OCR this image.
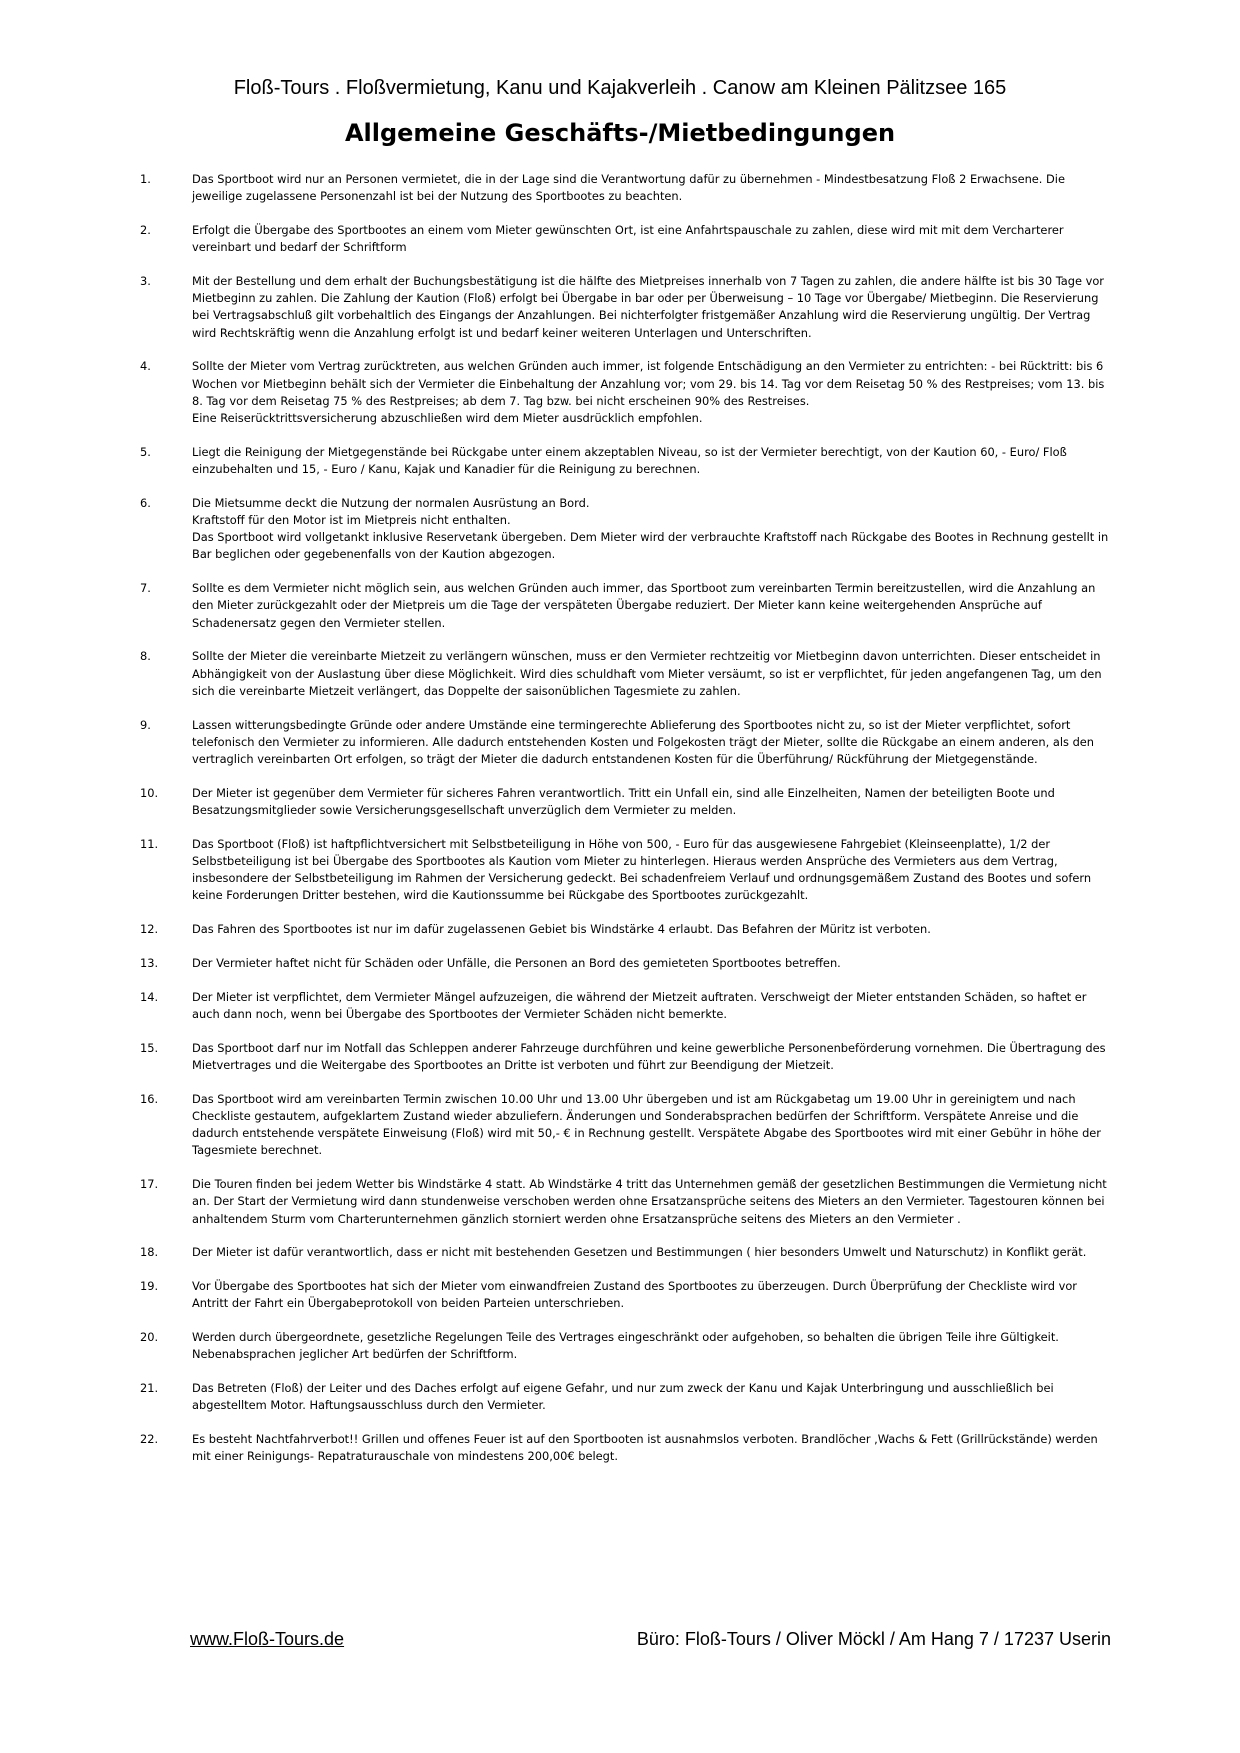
Floß-Tours . Floßvermietung, Kanu und Kajakverleih . Canow am Kleinen Pälitzsee 165
Allgemeine Geschäfts-/Mietbedingungen
1.	Das Sportboot wird nur an Personen vermietet, die in der Lage sind die Verantwortung dafür zu übernehmen - Mindestbesatzung Floß 2 Erwachsene. Die jeweilige zugelassene Personenzahl ist bei der Nutzung des Sportbootes zu beachten.
2.	Erfolgt die Übergabe des Sportbootes an einem vom Mieter gewünschten Ort, ist eine Anfahrtspauschale zu zahlen, diese wird mit mit dem Vercharterer vereinbart und bedarf der Schriftform
3.	Mit der Bestellung und dem erhalt der Buchungsbestätigung ist die hälfte des Mietpreises innerhalb von 7 Tagen zu zahlen, die andere hälfte ist bis 30 Tage vor Mietbeginn zu zahlen. Die Zahlung der Kaution (Floß) erfolgt bei Übergabe in bar oder per Überweisung – 10 Tage vor Übergabe/ Mietbeginn. Die Reservierung bei Vertragsabschluß gilt vorbehaltlich des Eingangs der Anzahlungen. Bei nichterfolgter fristgemäßer Anzahlung wird die Reservierung ungültig. Der Vertrag wird Rechtskräftig wenn die Anzahlung erfolgt ist und bedarf keiner weiteren Unterlagen und Unterschriften.
4.	Sollte der Mieter vom Vertrag zurücktreten, aus welchen Gründen auch immer, ist folgende Entschädigung an den Vermieter zu entrichten: - bei Rücktritt: bis 6 Wochen vor Mietbeginn behält sich der Vermieter die Einbehaltung der Anzahlung vor; vom 29. bis 14. Tag vor dem Reisetag 50 % des Restpreises; vom 13. bis 8. Tag vor dem Reisetag 75 % des Restpreises; ab dem 7. Tag bzw. bei nicht erscheinen 90% des Restreises.
Eine Reiserücktrittsversicherung abzuschließen wird dem Mieter ausdrücklich empfohlen.
5.	Liegt die Reinigung der Mietgegenstände bei Rückgabe unter einem akzeptablen Niveau, so ist der Vermieter berechtigt, von der Kaution 60, - Euro/ Floß einzubehalten und 15, - Euro / Kanu, Kajak und Kanadier für die Reinigung zu berechnen.
6.	Die Mietsumme deckt die Nutzung der normalen Ausrüstung an Bord.
Kraftstoff für den Motor ist im Mietpreis nicht enthalten.
Das Sportboot wird vollgetankt inklusive Reservetank übergeben. Dem Mieter wird der verbrauchte Kraftstoff nach Rückgabe des Bootes in Rechnung gestellt in Bar beglichen oder gegebenenfalls von der Kaution abgezogen.
7.	Sollte es dem Vermieter nicht möglich sein, aus welchen Gründen auch immer, das Sportboot zum vereinbarten Termin bereitzustellen, wird die Anzahlung an den Mieter zurückgezahlt oder der Mietpreis um die Tage der verspäteten Übergabe reduziert. Der Mieter kann keine weitergehenden Ansprüche auf Schadenersatz gegen den Vermieter stellen.
8.	Sollte der Mieter die vereinbarte Mietzeit zu verlängern wünschen, muss er den Vermieter rechtzeitig vor Mietbeginn davon unterrichten. Dieser entscheidet in Abhängigkeit von der Auslastung über diese Möglichkeit. Wird dies schuldhaft vom Mieter versäumt, so ist er verpflichtet, für jeden angefangenen Tag, um den sich die vereinbarte Mietzeit verlängert, das Doppelte der saisonüblichen Tagesmiete zu zahlen.
9.	Lassen witterungsbedingte Gründe oder andere Umstände eine termingerechte Ablieferung des Sportbootes nicht zu, so ist der Mieter verpflichtet, sofort telefonisch den Vermieter zu informieren. Alle dadurch entstehenden Kosten und Folgekosten trägt der Mieter, sollte die Rückgabe an einem anderen, als den vertraglich vereinbarten Ort erfolgen, so trägt der Mieter die dadurch entstandenen Kosten für die Überführung/ Rückführung der Mietgegenstände.
10.	Der Mieter ist gegenüber dem Vermieter für sicheres Fahren verantwortlich. Tritt ein Unfall ein, sind alle Einzelheiten, Namen der beteiligten Boote und Besatzungsmitglieder sowie Versicherungsgesellschaft unverzüglich dem Vermieter zu melden.
11.	Das Sportboot (Floß) ist haftpflichtversichert mit Selbstbeteiligung in Höhe von 500, - Euro für das ausgewiesene Fahrgebiet (Kleinseenplatte), 1/2 der Selbstbeteiligung ist bei Übergabe des Sportbootes als Kaution vom Mieter zu hinterlegen. Hieraus werden Ansprüche des Vermieters aus dem Vertrag, insbesondere der Selbstbeteiligung im Rahmen der Versicherung gedeckt. Bei schadenfreiem Verlauf und ordnungsgemäßem Zustand des Bootes und sofern keine Forderungen Dritter bestehen, wird die Kautionssumme bei Rückgabe des Sportbootes zurückgezahlt.
12.	Das Fahren des Sportbootes ist nur im dafür zugelassenen Gebiet bis Windstärke 4 erlaubt. Das Befahren der Müritz ist verboten.
13.	Der Vermieter haftet nicht für Schäden oder Unfälle, die Personen an Bord des gemieteten Sportbootes betreffen.
14.	Der Mieter ist verpflichtet, dem Vermieter Mängel aufzuzeigen, die während der Mietzeit auftraten. Verschweigt der Mieter entstanden Schäden, so haftet er auch dann noch, wenn bei Übergabe des Sportbootes der Vermieter Schäden nicht bemerkte.
15.	Das Sportboot darf nur im Notfall das Schleppen anderer Fahrzeuge durchführen und keine gewerbliche Personenbeförderung vornehmen. Die Übertragung des Mietvertrages und die Weitergabe des Sportbootes an Dritte ist verboten und führt zur Beendigung der Mietzeit.
16.	Das Sportboot wird am vereinbarten Termin zwischen 10.00 Uhr und 13.00 Uhr übergeben und ist am Rückgabetag um 19.00 Uhr in gereinigtem und nach Checkliste gestautem, aufgeklartem Zustand wieder abzuliefern. Änderungen und Sonderabsprachen bedürfen der Schriftform. Verspätete Anreise und die dadurch entstehende verspätete Einweisung (Floß) wird mit 50,- € in Rechnung gestellt. Verspätete Abgabe des Sportbootes wird mit einer Gebühr in höhe der Tagesmiete berechnet.
17.	Die Touren finden bei jedem Wetter bis Windstärke 4 statt. Ab Windstärke 4 tritt das Unternehmen gemäß der gesetzlichen Bestimmungen die Vermietung nicht an. Der Start der Vermietung wird dann stundenweise verschoben werden ohne Ersatzansprüche seitens des Mieters an den Vermieter. Tagestouren können bei anhaltendem Sturm vom Charterunternehmen gänzlich storniert werden ohne Ersatzansprüche seitens des Mieters an den Vermieter .
18.	Der Mieter ist dafür verantwortlich, dass er nicht mit bestehenden Gesetzen und Bestimmungen ( hier besonders Umwelt und Naturschutz) in Konflikt gerät.
19.	Vor Übergabe des Sportbootes hat sich der Mieter vom einwandfreien Zustand des Sportbootes zu überzeugen. Durch Überprüfung der Checkliste wird vor Antritt der Fahrt ein Übergabeprotokoll von beiden Parteien unterschrieben.
20.	Werden durch übergeordnete, gesetzliche Regelungen Teile des Vertrages eingeschränkt oder aufgehoben, so behalten die übrigen Teile ihre Gültigkeit. Nebenabsprachen jeglicher Art bedürfen der Schriftform.
21.	Das Betreten (Floß) der Leiter und des Daches erfolgt auf eigene Gefahr, und nur zum zweck der Kanu und Kajak Unterbringung und ausschließlich bei abgestelltem Motor. Haftungsausschluss durch den Vermieter.
22.	Es besteht Nachtfahrverbot!! Grillen und offenes Feuer ist auf den Sportbooten ist ausnahmslos verboten. Brandlöcher ,Wachs & Fett (Grillrückstände) werden mit einer Reinigungs- Repatraturauschale von mindestens 200,00€ belegt.
www.Floß-Tours.de	Büro: Floß-Tours / Oliver Möckl / Am Hang 7 / 17237 Userin
